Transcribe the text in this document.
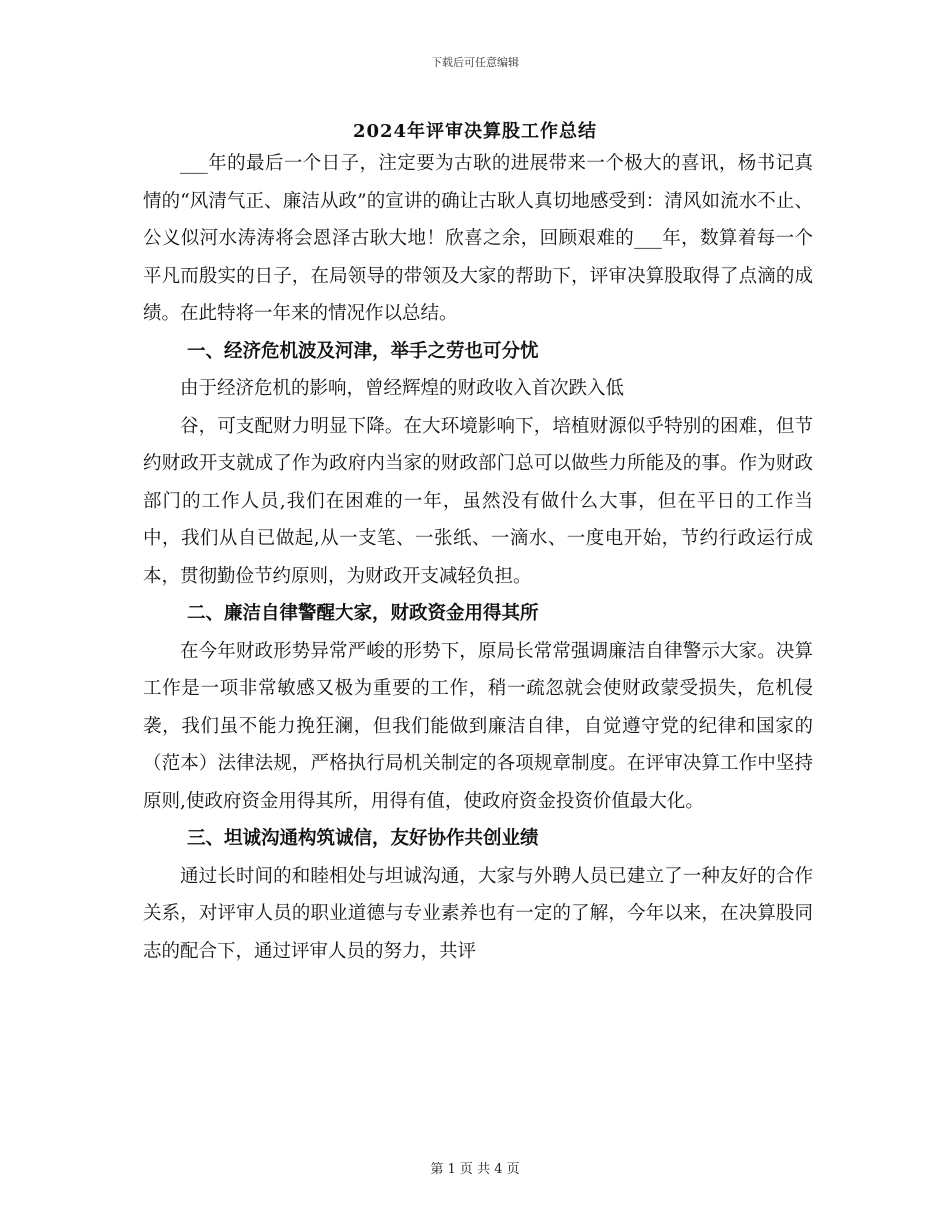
下载后可任意编辑
2024年评审决算股工作总结

___年的最后一个日子，注定要为古耿的进展带来一个极大的喜讯，杨书记真情的“风清气正、廉洁从政”的宣讲的确让古耿人真切地感受到：清风如流水不止、公义似河水涛涛将会恩泽古耿大地！欣喜之余，回顾艰难的___年，数算着每一个平凡而殷实的日子，在局领导的带领及大家的帮助下，评审决算股取得了点滴的成绩。在此特将一年来的情况作以总结。

一、经济危机波及河津，举手之劳也可分忧

由于经济危机的影响，曾经辉煌的财政收入首次跌入低

谷，可支配财力明显下降。在大环境影响下，培植财源似乎特别的困难，但节约财政开支就成了作为政府内当家的财政部门总可以做些力所能及的事。作为财政部门的工作人员,我们在困难的一年，虽然没有做什么大事，但在平日的工作当中，我们从自已做起,从一支笔、一张纸、一滴水、一度电开始，节约行政运行成本，贯彻勤俭节约原则，为财政开支减轻负担。

二、廉洁自律警醒大家，财政资金用得其所

在今年财政形势异常严峻的形势下，原局长常常强调廉洁自律警示大家。决算工作是一项非常敏感又极为重要的工作，稍一疏忽就会使财政蒙受损失，危机侵袭，我们虽不能力挽狂澜，但我们能做到廉洁自律，自觉遵守党的纪律和国家的（范本）法律法规，严格执行局机关制定的各项规章制度。在评审决算工作中坚持原则,使政府资金用得其所，用得有值，使政府资金投资价值最大化。

三、坦诚沟通构筑诚信，友好协作共创业绩

通过长时间的和睦相处与坦诚沟通，大家与外聘人员已建立了一种友好的合作关系，对评审人员的职业道德与专业素养也有一定的了解，今年以来，在决算股同志的配合下，通过评审人员的努力，共评

第 1 页 共 4 页
